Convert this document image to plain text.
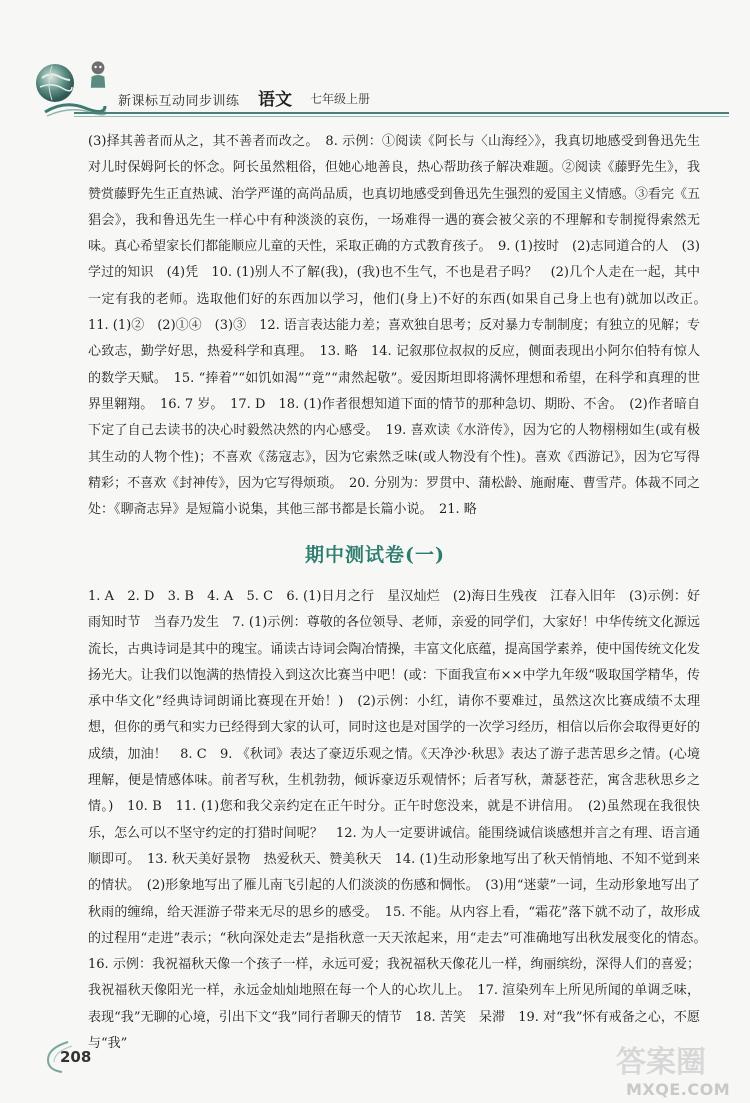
新课标互动同步训练 语文 七年级上册

(3)择其善者而从之，其不善者而改之。　8. 示例：①阅读《阿长与〈山海经〉》，我真切地感受到鲁迅先生对儿时保姆阿长的怀念。阿长虽然粗俗，但她心地善良，热心帮助孩子解决难题。②阅读《藤野先生》，我赞赏藤野先生正直热诚、治学严谨的高尚品质，也真切地感受到鲁迅先生强烈的爱国主义情感。③看完《五猖会》，我和鲁迅先生一样心中有种淡淡的哀伤，一场难得一遇的赛会被父亲的不理解和专制搅得索然无味。真心希望家长们都能顺应儿童的天性，采取正确的方式教育孩子。　9. (1)按时　(2)志同道合的人　(3)学过的知识　(4)凭　10. (1)别人不了解(我)，(我)也不生气，不也是君子吗？　(2)几个人走在一起，其中一定有我的老师。选取他们好的东西加以学习，他们(身上)不好的东西(如果自己身上也有)就加以改正。　11. (1)②　(2)①④　(3)③　12. 语言表达能力差；喜欢独自思考；反对暴力专制制度；有独立的见解；专心致志，勤学好思，热爱科学和真理。　13. 略　14. 记叙那位叔叔的反应，侧面表现出小阿尔伯特有惊人的数学天赋。　15. “捧着”“如饥如渴”“竟”“肃然起敬”。爱因斯坦即将满怀理想和希望，在科学和真理的世界里翱翔。　16. 7 岁。　17. D　18. (1)作者很想知道下面的情节的那种急切、期盼、不舍。　(2)作者暗自下定了自己去读书的决心时毅然决然的内心感受。　19. 喜欢读《水浒传》，因为它的人物栩栩如生(或有极其生动的人物个性)；不喜欢《荡寇志》，因为它索然乏味(或人物没有个性)。喜欢《西游记》，因为它写得精彩；不喜欢《封神传》，因为它写得烦琐。　20. 分别为：罗贯中、蒲松龄、施耐庵、曹雪芹。体裁不同之处：《聊斋志异》是短篇小说集，其他三部书都是长篇小说。　21. 略

期中测试卷(一)

1. A　2. D　3. B　4. A　5. C　6. (1)日月之行　星汉灿烂　(2)海日生残夜　江春入旧年　(3)示例：好雨知时节　当春乃发生　7. (1)示例：尊敬的各位领导、老师，亲爱的同学们，大家好！中华传统文化源远流长，古典诗词是其中的瑰宝。诵读古诗词会陶冶情操，丰富文化底蕴，提高国学素养，使中国传统文化发扬光大。让我们以饱满的热情投入到这次比赛当中吧！(或：下面我宣布××中学九年级“吸取国学精华，传承中华文化”经典诗词朗诵比赛现在开始！)　(2)示例：小红，请你不要难过，虽然这次比赛成绩不太理想，但你的勇气和实力已经得到大家的认可，同时这也是对国学的一次学习经历，相信以后你会取得更好的成绩，加油！　8. C　9. 《秋词》表达了豪迈乐观之情。《天净沙·秋思》表达了游子悲苦思乡之情。(心境理解，便是情感体味。前者写秋，生机勃勃，倾诉豪迈乐观情怀；后者写秋，萧瑟苍茫，寓含悲秋思乡之情。)　10. B　11. (1)您和我父亲约定在正午时分。正午时您没来，就是不讲信用。　(2)虽然现在我很快乐，怎么可以不坚守约定的打猎时间呢？　12. 为人一定要讲诚信。能围绕诚信谈感想并言之有理、语言通顺即可。　13. 秋天美好景物　热爱秋天、赞美秋天　14. (1)生动形象地写出了秋天悄悄地、不知不觉到来的情状。　(2)形象地写出了雁儿南飞引起的人们淡淡的伤感和惆怅。　(3)用“迷蒙”一词，生动形象地写出了秋雨的缠绵，给天涯游子带来无尽的思乡的感受。　15. 不能。从内容上看，“霜花”落下就不动了，故形成的过程用“走进”表示；“秋向深处走去”是指秋意一天天浓起来，用“走去”可准确地写出秋发展变化的情态。　16. 示例：我祝福秋天像一个孩子一样，永远可爱；我祝福秋天像花儿一样，绚丽缤纷，深得人们的喜爱；我祝福秋天像阳光一样，永远金灿灿地照在每一个人的心坎儿上。　17. 渲染列车上所见所闻的单调乏味，表现“我”无聊的心境，引出下文“我”同行者聊天的情节　18. 苦笑　呆滞　19. 对“我”怀有戒备之心，不愿与“我”

208	答案圈
MXQE.COM
